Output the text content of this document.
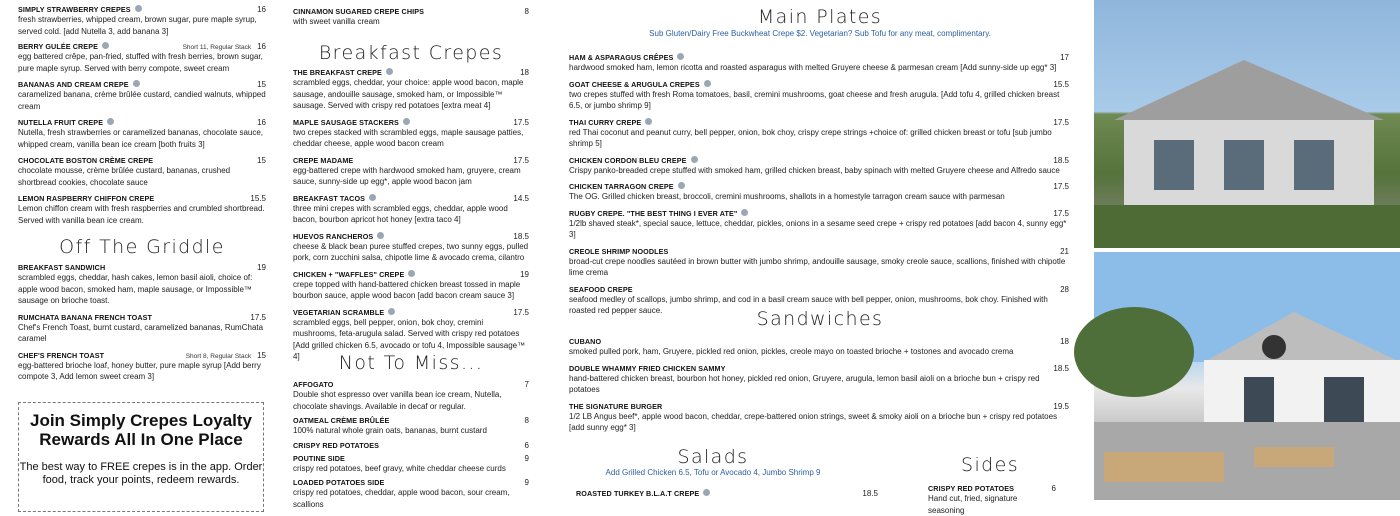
SIMPLY STRAWBERRY CREPES	16
fresh strawberries, whipped cream, brown sugar, pure maple syrup, served cold. [add Nutella 3, add banana 3]
BERRY GULÉE CREPE	Short 11, Regular Stack 16
egg battered crêpe, pan-fried, stuffed with fresh berries, brown sugar, pure maple syrup. Served with berry compote, sweet cream
BANANAS AND CREAM CREPE	15
caramelized banana, crème brûlée custard, candied walnuts, whipped cream
NUTELLA FRUIT CREPE	16
Nutella, fresh strawberries or caramelized bananas, chocolate sauce, whipped cream, vanilla bean ice cream [both fruits 3]
CHOCOLATE BOSTON CRÈME CREPE	15
chocolate mousse, crème brûlée custard, bananas, crushed shortbread cookies, chocolate sauce
LEMON RASPBERRY CHIFFON CREPE	15.5
Lemon chiffon cream with fresh raspberries and crumbled shortbread. Served with vanilla bean ice cream.
Off The Griddle
BREAKFAST SANDWICH	19
scrambled eggs, cheddar, hash cakes, lemon basil aioli, choice of: apple wood bacon, smoked ham, maple sausage, or Impossible™ sausage on brioche toast.
RUMCHATA BANANA FRENCH TOAST	17.5
Chef's French Toast, burnt custard, caramelized bananas, RumChata caramel
CHEF'S FRENCH TOAST	Short 8, Regular Stack 15
egg-battered brioche loaf, honey butter, pure maple syrup [Add berry compote 3, Add lemon sweet cream 3]
Join Simply Crepes Loyalty Rewards All In One Place
The best way to FREE crepes is in the app. Order food, track your points, redeem rewards.
CINNAMON SUGARED CREPE CHIPS	8
with sweet vanilla cream
Breakfast Crepes
THE BREAKFAST CREPE	18
scrambled eggs, cheddar, your choice: apple wood bacon, maple sausage, andouille sausage, smoked ham, or Impossible™ sausage. Served with crispy red potatoes [extra meat 4]
MAPLE SAUSAGE STACKERS	17.5
two crepes stacked with scrambled eggs, maple sausage patties, cheddar cheese, apple wood bacon cream
CREPE MADAME	17.5
egg-battered crepe with hardwood smoked ham, gruyere, cream sauce, sunny-side up egg*, apple wood bacon jam
BREAKFAST TACOS	14.5
three mini crepes with scrambled eggs, cheddar, apple wood bacon, bourbon apricot hot honey [extra taco 4]
HUEVOS RANCHEROS	18.5
cheese & black bean puree stuffed crepes, two sunny eggs, pulled pork, corn zucchini salsa, chipotle lime & avocado crema, cilantro
CHICKEN + "WAFFLES" CREPE	19
crepe topped with hand-battered chicken breast tossed in maple bourbon sauce, apple wood bacon [add bacon cream sauce 3]
VEGETARIAN SCRAMBLE	17.5
scrambled eggs, bell pepper, onion, bok choy, cremini mushrooms, feta-arugula salad. Served with crispy red potatoes [Add grilled chicken 6.5, avocado or tofu 4, Impossible sausage™ 4]	Not To Miss...
AFFOGATO	7
Double shot espresso over vanilla bean ice cream, Nutella, chocolate shavings. Available in decaf or regular.
OATMEAL CRÈME BRÛLÉE	8
100% natural whole grain oats, bananas, burnt custard
CRISPY RED POTATOES	6
POUTINE SIDE	9
crispy red potatoes, beef gravy, white cheddar cheese curds
LOADED POTATOES SIDE	9
crispy red potatoes, cheddar, apple wood bacon, sour cream, scallions
Main Plates
Sub Gluten/Dairy Free Buckwheat Crepe $2. Vegetarian? Sub Tofu for any meat, complimentary.
HAM & ASPARAGUS CRÊPES	17
hardwood smoked ham, lemon ricotta and roasted asparagus with melted Gruyere cheese & parmesan cream [Add sunny-side up egg* 3]
GOAT CHEESE & ARUGULA CREPES	15.5
two crepes stuffed with fresh Roma tomatoes, basil, cremini mushrooms, goat cheese and fresh arugula. [Add tofu 4, grilled chicken breast 6.5, or jumbo shrimp 9]
THAI CURRY CREPE	17.5
red Thai coconut and peanut curry, bell pepper, onion, bok choy, crispy crepe strings +choice of: grilled chicken breast or tofu [sub jumbo shrimp 5]
CHICKEN CORDON BLEU CREPE	18.5
Crispy panko-breaded crepe stuffed with smoked ham, grilled chicken breast, baby spinach with melted Gruyere cheese and Alfredo sauce
CHICKEN TARRAGON CREPE	17.5
The OG. Grilled chicken breast, broccoli, cremini mushrooms, shallots in a homestyle tarragon cream sauce with parmesan
RUGBY CREPE. "THE BEST THING I EVER ATE"	17.5
1/2lb shaved steak*, special sauce, lettuce, cheddar, pickles, onions in a sesame seed crepe + crispy red potatoes [add bacon 4, sunny egg* 3]
CREOLE SHRIMP NOODLES	21
broad-cut crepe noodles sautéed in brown butter with jumbo shrimp, andouille sausage, smoky creole sauce, scallions, finished with chipotle lime crema
SEAFOOD CREPE	28
seafood medley of scallops, jumbo shrimp, and cod in a basil cream sauce with bell pepper, onion, mushrooms, bok choy. Finished with roasted red pepper sauce.	Sandwiches
CUBANO	18
smoked pulled pork, ham, Gruyere, pickled red onion, pickles, creole mayo on toasted brioche + tostones and avocado crema
DOUBLE WHAMMY FRIED CHICKEN SAMMY	18.5
hand-battered chicken breast, bourbon hot honey, pickled red onion, Gruyere, arugula, lemon basil aioli on a brioche bun + crispy red potatoes
THE SIGNATURE BURGER	19.5
1/2 LB Angus beef*, apple wood bacon, cheddar, crepe-battered onion strings, sweet & smoky aioli on a brioche bun + crispy red potatoes [add sunny egg* 3]
Salads
Add Grilled Chicken 6.5, Tofu or Avocado 4, Jumbo Shrimp 9
ROASTED TURKEY B.L.A.T CREPE	18.5
Sides
CRISPY RED POTATOES	6
Hand cut, fried, signature seasoning
